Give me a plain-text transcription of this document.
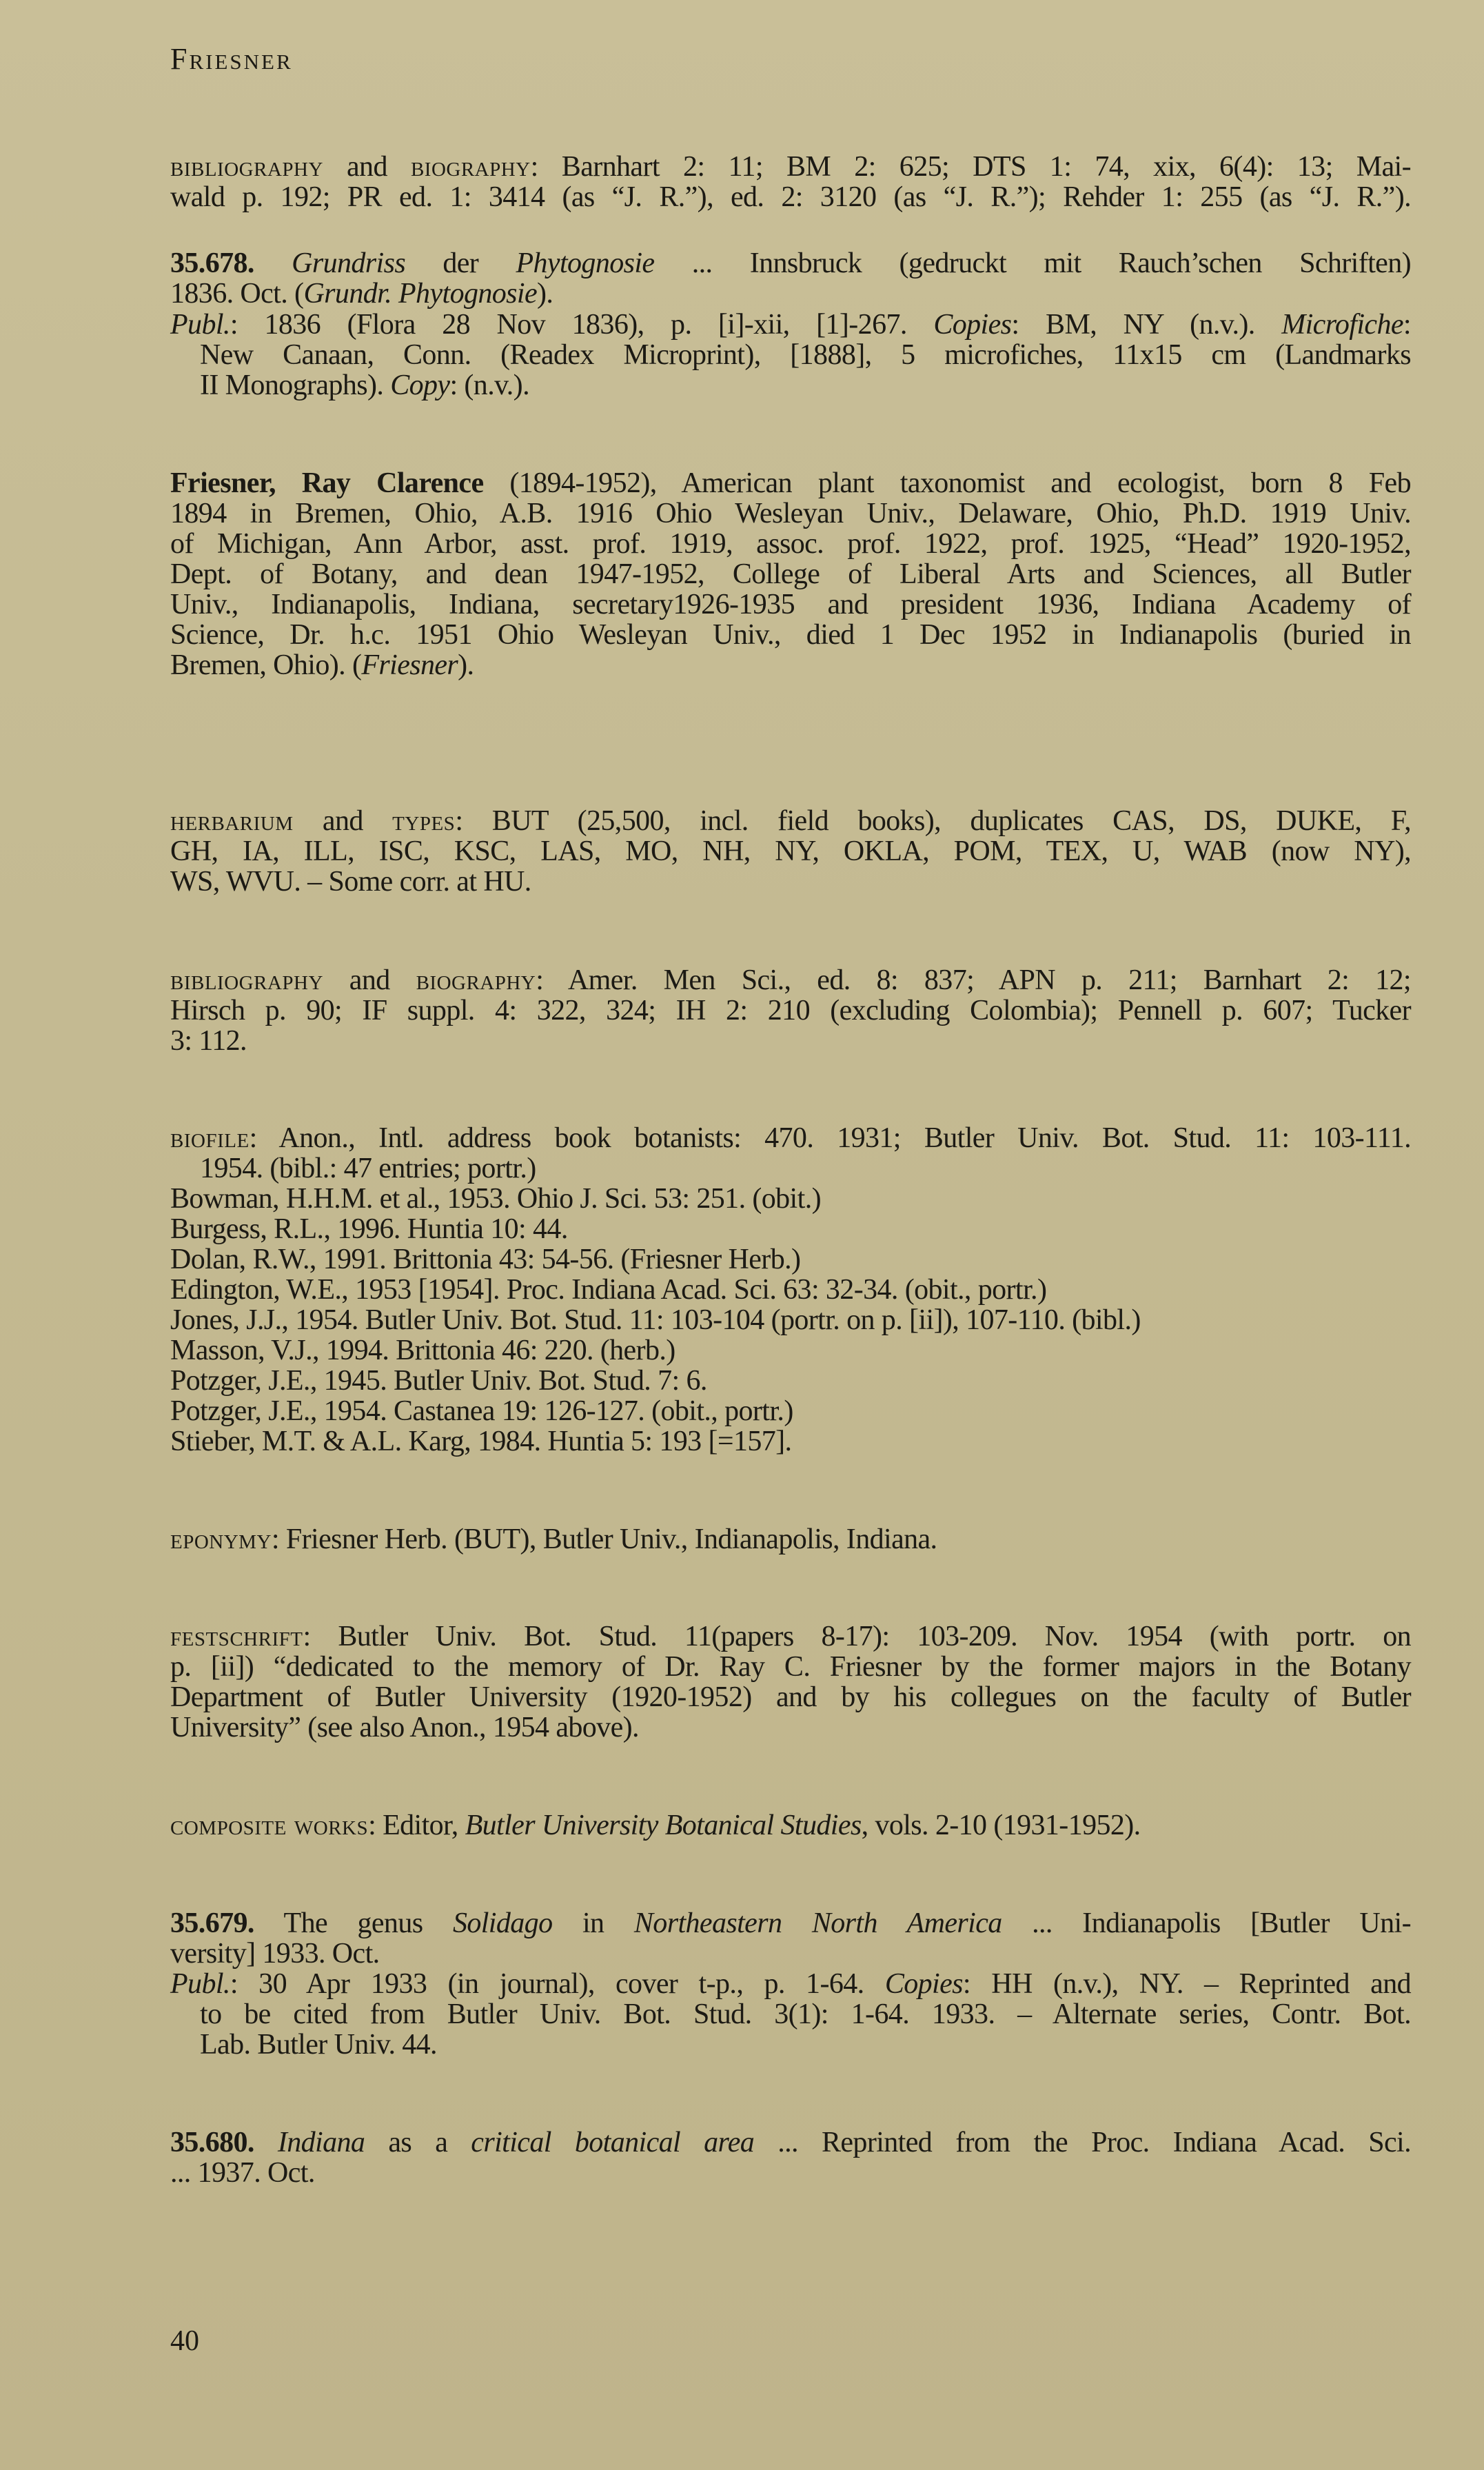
Friesner
bibliography and biography: Barnhart 2: 11; BM 2: 625; DTS 1: 74, xix, 6(4): 13; Mai-
wald p. 192; PR ed. 1: 3414 (as “J. R.”), ed. 2: 3120 (as “J. R.”); Rehder 1: 255 (as “J. R.”).
35.678. Grundriss der Phytognosie ... Innsbruck (gedruckt mit Rauch’schen Schriften)
1836. Oct. (Grundr. Phytognosie).
Publ.: 1836 (Flora 28 Nov 1836), p. [i]-xii, [1]-267. Copies: BM, NY (n.v.). Microfiche:
New Canaan, Conn. (Readex Microprint), [1888], 5 microfiches, 11x15 cm (Landmarks
II Monographs). Copy: (n.v.).
Friesner, Ray Clarence (1894-1952), American plant taxonomist and ecologist, born 8 Feb
1894 in Bremen, Ohio, A.B. 1916 Ohio Wesleyan Univ., Delaware, Ohio, Ph.D. 1919 Univ.
of Michigan, Ann Arbor, asst. prof. 1919, assoc. prof. 1922, prof. 1925, “Head” 1920-1952,
Dept. of Botany, and dean 1947-1952, College of Liberal Arts and Sciences, all Butler
Univ., Indianapolis, Indiana, secretary1926-1935 and president 1936, Indiana Academy of
Science, Dr. h.c. 1951 Ohio Wesleyan Univ., died 1 Dec 1952 in Indianapolis (buried in
Bremen, Ohio). (Friesner).
herbarium and types: BUT (25,500, incl. field books), duplicates CAS, DS, DUKE, F,
GH, IA, ILL, ISC, KSC, LAS, MO, NH, NY, OKLA, POM, TEX, U, WAB (now NY),
WS, WVU. – Some corr. at HU.
bibliography and biography: Amer. Men Sci., ed. 8: 837; APN p. 211; Barnhart 2: 12;
Hirsch p. 90; IF suppl. 4: 322, 324; IH 2: 210 (excluding Colombia); Pennell p. 607; Tucker
3: 112.
biofile: Anon., Intl. address book botanists: 470. 1931; Butler Univ. Bot. Stud. 11: 103-111.
1954. (bibl.: 47 entries; portr.)
Bowman, H.H.M. et al., 1953. Ohio J. Sci. 53: 251. (obit.)
Burgess, R.L., 1996. Huntia 10: 44.
Dolan, R.W., 1991. Brittonia 43: 54-56. (Friesner Herb.)
Edington, W.E., 1953 [1954]. Proc. Indiana Acad. Sci. 63: 32-34. (obit., portr.)
Jones, J.J., 1954. Butler Univ. Bot. Stud. 11: 103-104 (portr. on p. [ii]), 107-110. (bibl.)
Masson, V.J., 1994. Brittonia 46: 220. (herb.)
Potzger, J.E., 1945. Butler Univ. Bot. Stud. 7: 6.
Potzger, J.E., 1954. Castanea 19: 126-127. (obit., portr.)
Stieber, M.T. & A.L. Karg, 1984. Huntia 5: 193 [=157].
eponymy: Friesner Herb. (BUT), Butler Univ., Indianapolis, Indiana.
festschrift: Butler Univ. Bot. Stud. 11(papers 8-17): 103-209. Nov. 1954 (with portr. on
p. [ii]) “dedicated to the memory of Dr. Ray C. Friesner by the former majors in the Botany
Department of Butler University (1920-1952) and by his collegues on the faculty of Butler
University” (see also Anon., 1954 above).
composite works: Editor, Butler University Botanical Studies, vols. 2-10 (1931-1952).
35.679. The genus Solidago in Northeastern North America ... Indianapolis [Butler Uni-
versity] 1933. Oct.
Publ.: 30 Apr 1933 (in journal), cover t-p., p. 1-64. Copies: HH (n.v.), NY. – Reprinted and
to be cited from Butler Univ. Bot. Stud. 3(1): 1-64. 1933. – Alternate series, Contr. Bot.
Lab. Butler Univ. 44.
35.680. Indiana as a critical botanical area ... Reprinted from the Proc. Indiana Acad. Sci.
... 1937. Oct.
40
